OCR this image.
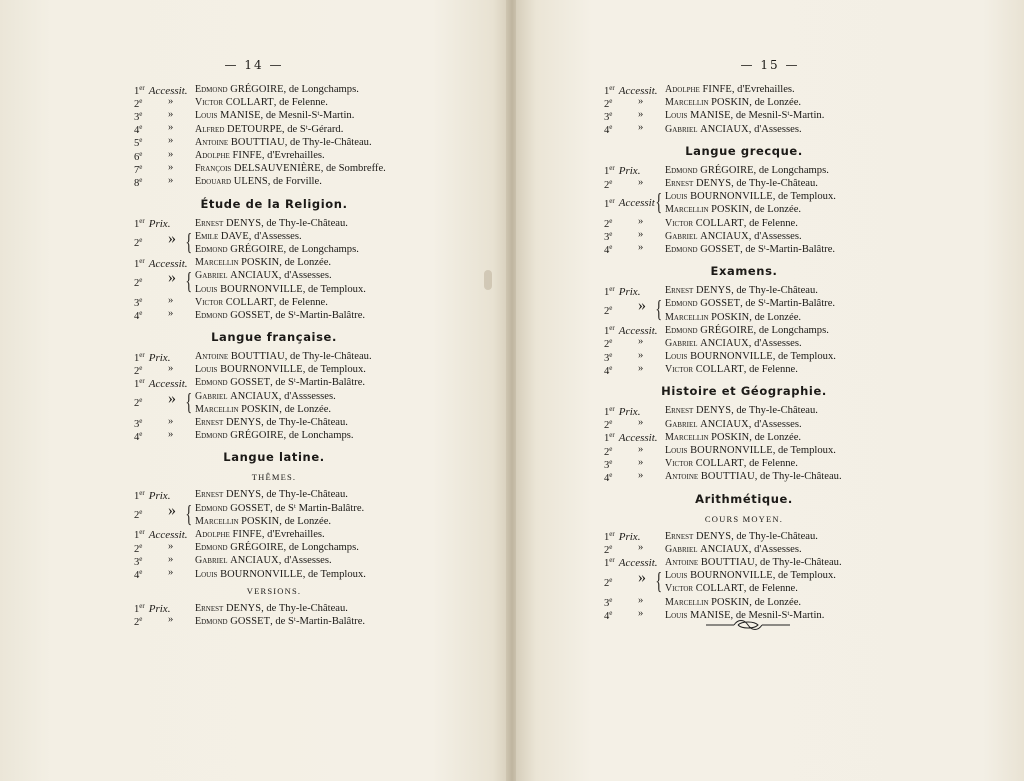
— 14 —
1er Accessit. Edmond GRÉGOIRE, de Longchamps.
2e » Victor COLLART, de Felenne.
3e » Louis MANISE, de Mesnil-Sᵗ-Martin.
4e » Alfred DETOURPE, de Sᵗ-Gérard.
5e » Antoine BOUTTIAU, de Thy-le-Château.
6e » Adolphe FINFE, d'Evrehailles.
7e » François DELSAUVENIÈRE, de Sombreffe.
8e » Edouard ULENS, de Forville.
Étude de la Religion.
1er Prix.	Ernest DENYS, de Thy-le-Château.
2e » { Emile DAVE, d'Assesses.
Edmond GRÉGOIRE, de Longchamps.
1er Accessit. Marcellin POSKIN, de Lonzée.
2e » { Gabriel ANCIAUX, d'Assesses.
Louis BOURNONVILLE, de Temploux.
3e » Victor COLLART, de Felenne.
4e » Edmond GOSSET, de Sᵗ-Martin-Balâtre.
Langue française.
1er Prix.	Antoine BOUTTIAU, de Thy-le-Château.
2e » Louis BOURNONVILLE, de Temploux.
1er Accessit. Edmond GOSSET, de Sᵗ-Martin-Balâtre.
2e » { Gabriel ANCIAUX, d'Asssesses.
Marcellin POSKIN, de Lonzée.
3e » Ernest DENYS, de Thy-le-Château.
4e » Edmond GRÉGOIRE, de Lonchamps.
Langue latine.
THÊMES.
1er Prix.	Ernest DENYS, de Thy-le-Château.
2e » { Edmond GOSSET, de Sᵗ Martin-Balâtre.
Marcellin POSKIN, de Lonzée.
1er Accessit. Adolphe FINFE, d'Evrehailles.
2e » Edmond GRÉGOIRE, de Longchamps.
3e » Gabriel ANCIAUX, d'Assesses.
4e » Louis BOURNONVILLE, de Temploux.
VERSIONS.
1er Prix.	Ernest DENYS, de Thy-le-Château.
2e » Edmond GOSSET, de Sᵗ-Martin-Balâtre.
— 15 —
1er Accessit. Adolphe FINFE, d'Evrehailles.
2e » Marcellin POSKIN, de Lonzée.
3e » Louis MANISE, de Mesnil-Sᵗ-Martin.
4e » Gabriel ANCIAUX, d'Assesses.
Langue grecque.
1er Prix.	Edmond GRÉGOIRE, de Longchamps.
2e » Ernest DENYS, de Thy-le-Château.
1er Accessit { Louis BOURNONVILLE, de Temploux.
Marcellin POSKIN, de Lonzée.
2e » Victor COLLART, de Felenne.
3e » Gabriel ANCIAUX, d'Assesses.
4e » Edmond GOSSET, de Sᵗ-Martin-Balâtre.
Examens.
1er Prix.	Ernest DENYS, de Thy-le-Château.
2e » { Edmond GOSSET, de Sᵗ-Martin-Balâtre.
Marcellin POSKIN, de Lonzée.
1er Accessit. Edmond GRÉGOIRE, de Longchamps.
2e » Gabriel ANCIAUX, d'Assesses.
3e » Louis BOURNONVILLE, de Temploux.
4e » Victor COLLART, de Felenne.
Histoire et Géographie.
1er Prix.	Ernest DENYS, de Thy-le-Château.
2e » Gabriel ANCIAUX, d'Assesses.
1er Accessit. Marcellin POSKIN, de Lonzée.
2e » Louis BOURNONVILLE, de Temploux.
3e » Victor COLLART, de Felenne.
4e » Antoine BOUTTIAU, de Thy-le-Château.
Arithmétique.
COURS MOYEN.
1er Prix.	Ernest DENYS, de Thy-le-Château.
2e » Gabriel ANCIAUX, d'Assesses.
1er Accessit. Antoine BOUTTIAU, de Thy-le-Château.
2e » { Louis BOURNONVILLE, de Temploux.
Victor COLLART, de Felenne.
3e » Marcellin POSKIN, de Lonzée.
4e » Louis MANISE, de Mesnil-Sᵗ-Martin.
